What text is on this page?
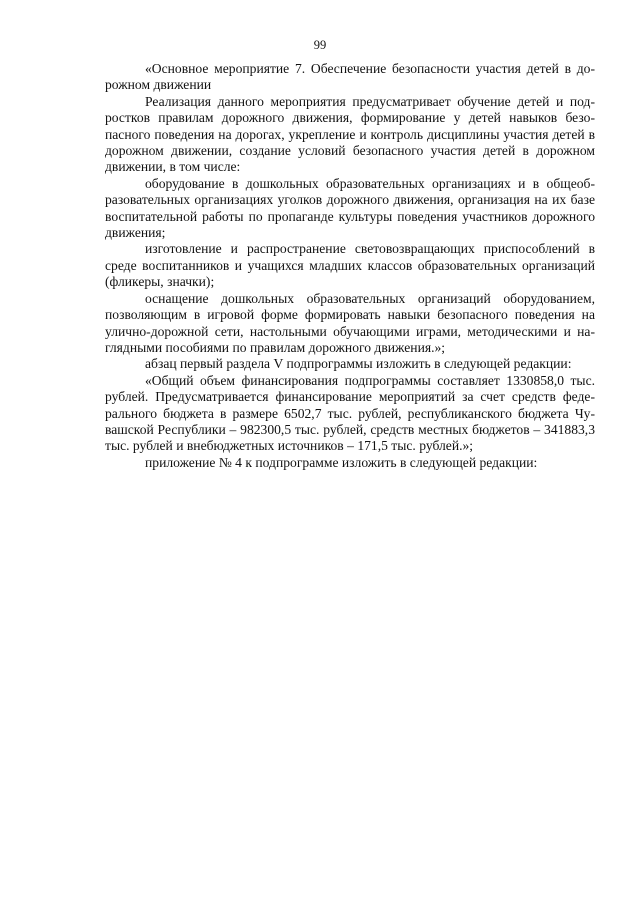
99

«Основное мероприятие 7. Обеспечение безопасности участия детей в дорожном движении

Реализация данного мероприятия предусматривает обучение детей и подростков правилам дорожного движения, формирование у детей навыков безопасного поведения на дорогах, укрепление и контроль дисциплины участия детей в дорожном движении, создание условий безопасного участия детей в дорожном движении, в том числе:

оборудование в дошкольных образовательных организациях и в общеобразовательных организациях уголков дорожного движения, организация на их базе воспитательной работы по пропаганде культуры поведения участников дорожного движения;

изготовление и распространение световозвращающих приспособлений в среде воспитанников и учащихся младших классов образовательных организаций (фликеры, значки);

оснащение дошкольных образовательных организаций оборудованием, позволяющим в игровой форме формировать навыки безопасного поведения на улично-дорожной сети, настольными обучающими играми, методическими и наглядными пособиями по правилам дорожного движения.»;

абзац первый раздела V подпрограммы изложить в следующей редакции:

«Общий объем финансирования подпрограммы составляет 1330858,0 тыс. рублей. Предусматривается финансирование мероприятий за счет средств федерального бюджета в размере 6502,7 тыс. рублей, республиканского бюджета Чувашской Республики – 982300,5 тыс. рублей, средств местных бюджетов – 341883,3 тыс. рублей и внебюджетных источников – 171,5 тыс. рублей.»;

приложение № 4 к подпрограмме изложить в следующей редакции:
